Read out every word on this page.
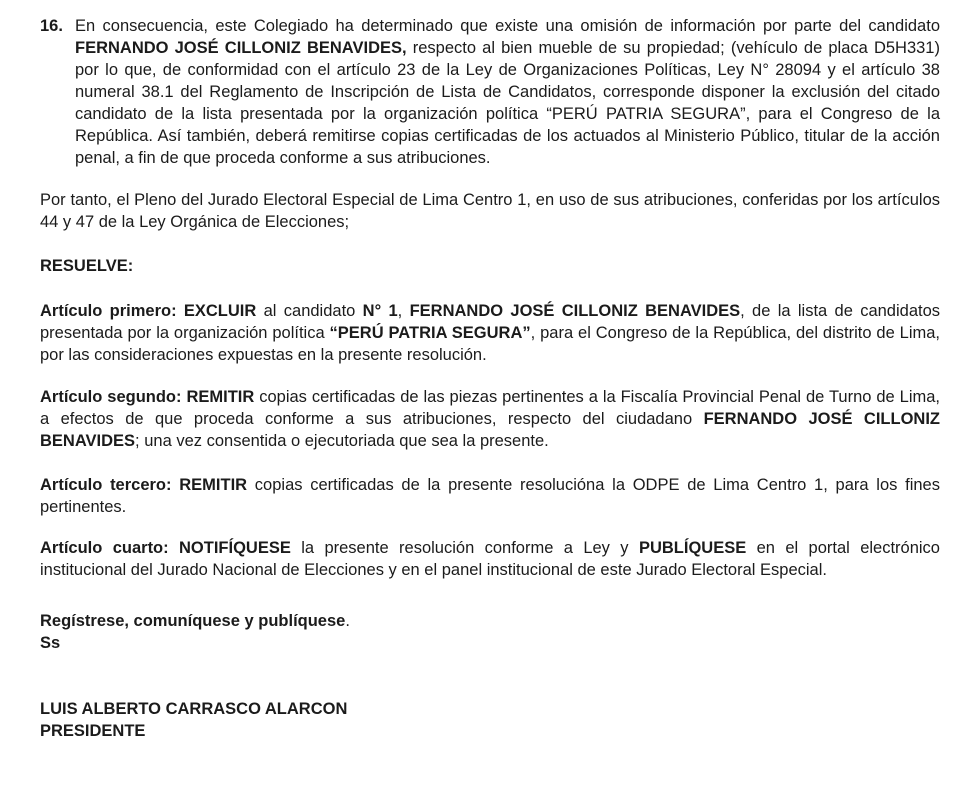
16. En consecuencia, este Colegiado ha determinado que existe una omisión de información por parte del candidato FERNANDO JOSÉ CILLONIZ BENAVIDES, respecto al bien mueble de su propiedad; (vehículo de placa D5H331) por lo que, de conformidad con el artículo 23 de la Ley de Organizaciones Políticas, Ley N° 28094 y el artículo 38 numeral 38.1 del Reglamento de Inscripción de Lista de Candidatos, corresponde disponer la exclusión del citado candidato de la lista presentada por la organización política “PERÚ PATRIA SEGURA”, para el Congreso de la República. Así también, deberá remitirse copias certificadas de los actuados al Ministerio Público, titular de la acción penal, a fin de que proceda conforme a sus atribuciones.
Por tanto, el Pleno del Jurado Electoral Especial de Lima Centro 1, en uso de sus atribuciones, conferidas por los artículos 44 y 47 de la Ley Orgánica de Elecciones;
RESUELVE:
Artículo primero: EXCLUIR al candidato N° 1, FERNANDO JOSÉ CILLONIZ BENAVIDES, de la lista de candidatos presentada por la organización política “PERÚ PATRIA SEGURA”, para el Congreso de la República, del distrito de Lima, por las consideraciones expuestas en la presente resolución.
Artículo segundo: REMITIR copias certificadas de las piezas pertinentes a la Fiscalía Provincial Penal de Turno de Lima, a efectos de que proceda conforme a sus atribuciones, respecto del ciudadano FERNANDO JOSÉ CILLONIZ BENAVIDES; una vez consentida o ejecutoriada que sea la presente.
Artículo tercero: REMITIR copias certificadas de la presente resolucióna la ODPE de Lima Centro 1, para los fines pertinentes.
Artículo cuarto: NOTIFÍQUESE la presente resolución conforme a Ley y PUBLÍQUESE en el portal electrónico institucional del Jurado Nacional de Elecciones y en el panel institucional de este Jurado Electoral Especial.
Regístrese, comuníquese y publíquese.
Ss
LUIS ALBERTO CARRASCO ALARCON
PRESIDENTE
